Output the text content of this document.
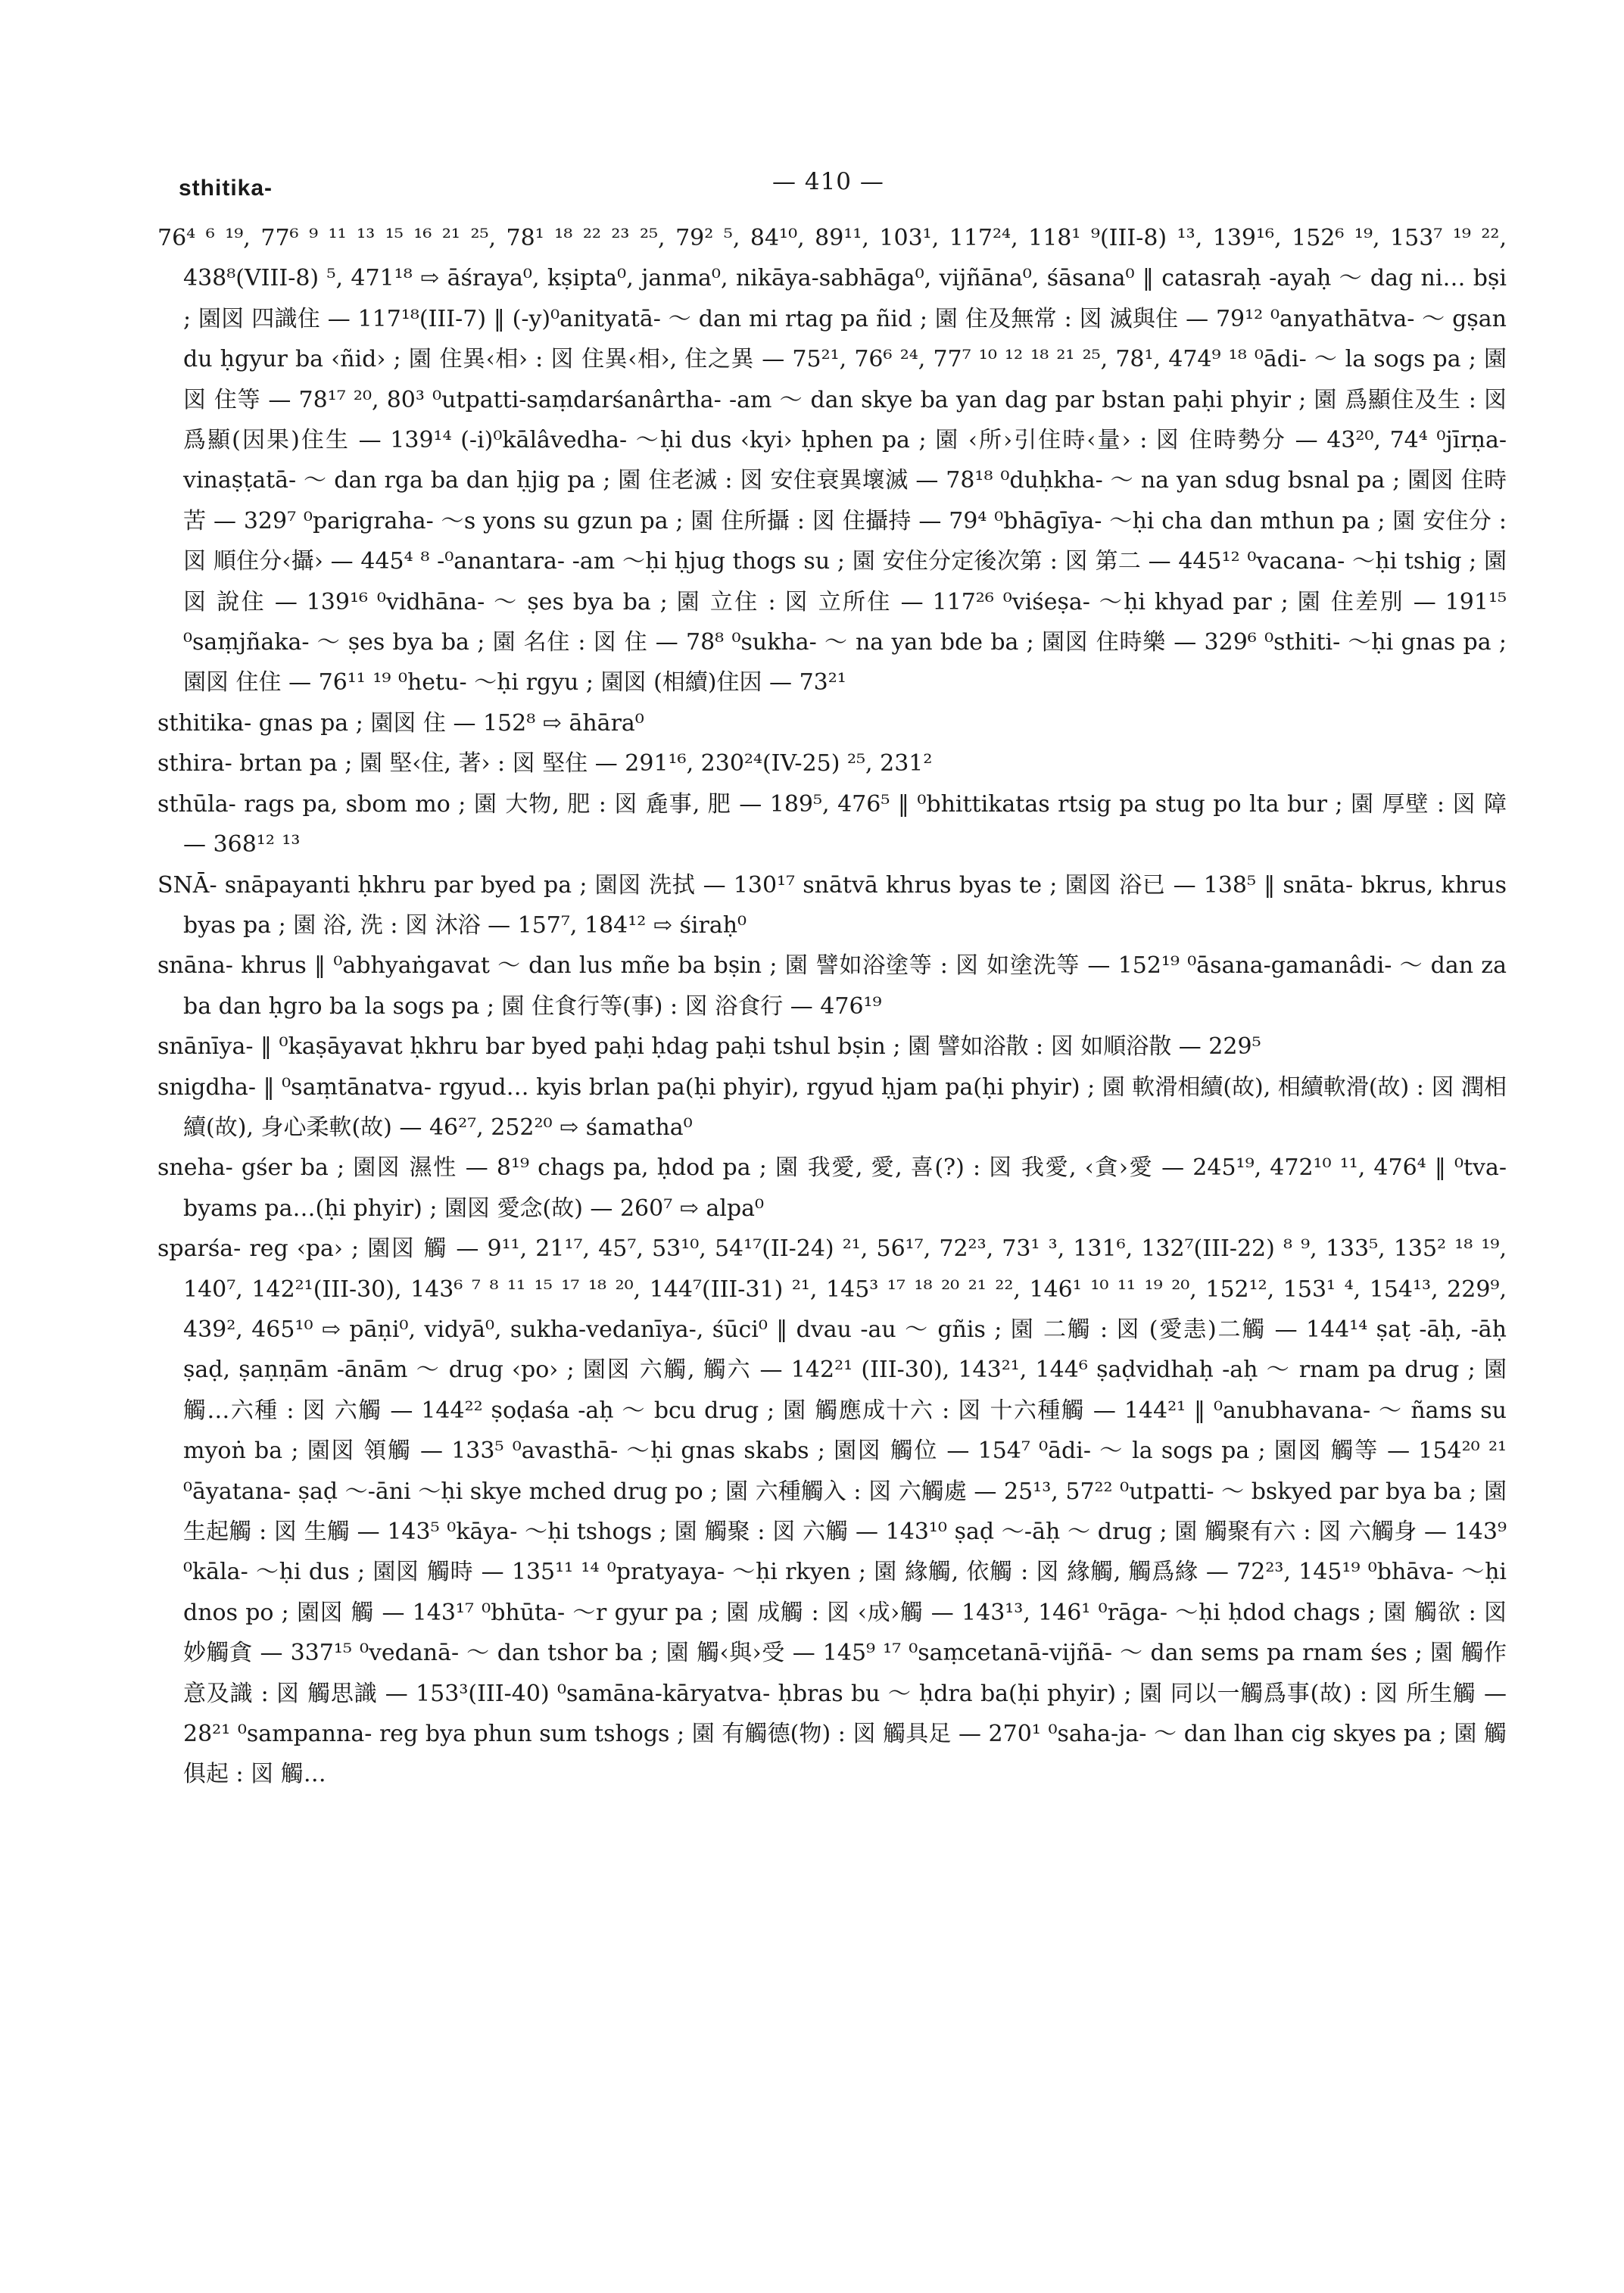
sthitika-	— 410 —

76⁴ ⁶ ¹⁹, 77⁶ ⁹ ¹¹ ¹³ ¹⁵ ¹⁶ ²¹ ²⁵, 78¹ ¹⁸ ²² ²³ ²⁵, 79² ⁵, 84¹⁰, 89¹¹, 103¹, 117²⁴, 118¹ ⁹(III-8) ¹³, 139¹⁶, 152⁶ ¹⁹, 153⁷ ¹⁹ ²², 438⁸(VIII-8) ⁵, 471¹⁸ ⇨ āśraya⁰, kṣipta⁰, janma⁰, nikāya-sabhāga⁰, vijñāna⁰, śāsana⁰ ‖ catasraḥ -ayaḥ ～ dag ni… bṣi ; 園図 四識住 — 117¹⁸(III-7) ‖ (-y)⁰anityatā- ～ dan mi rtag pa ñid ; 園 住及無常 : 図 滅與住 — 79¹² ⁰anyathātva- ～ gṣan du ḥgyur ba ‹ñid› ; 園 住異‹相› : 図 住異‹相›, 住之異 — 75²¹, 76⁶ ²⁴, 77⁷ ¹⁰ ¹² ¹⁸ ²¹ ²⁵, 78¹, 474⁹ ¹⁸ ⁰ādi- ～ la sogs pa ; 園図 住等 — 78¹⁷ ²⁰, 80³ ⁰utpatti-saṃdarśanârtha- -am ～ dan skye ba yan dag par bstan paḥi phyir ; 園 爲顯住及生 : 図 爲顯(因果)住生 — 139¹⁴ (-i)⁰kālâvedha- ～ḥi dus ‹kyi› ḥphen pa ; 園 ‹所›引住時‹量› : 図 住時勢分 — 43²⁰, 74⁴ ⁰jīrṇa-vinaṣṭatā- ～ dan rga ba dan ḥjig pa ; 園 住老滅 : 図 安住衰異壞滅 — 78¹⁸ ⁰duḥkha- ～ na yan sdug bsnal pa ; 園図 住時苦 — 329⁷ ⁰parigraha- ～s yons su gzun pa ; 園 住所攝 : 図 住攝持 — 79⁴ ⁰bhāgīya- ～ḥi cha dan mthun pa ; 園 安住分 : 図 順住分‹攝› — 445⁴ ⁸ -⁰anantara- -am ～ḥi ḥjug thogs su ; 園 安住分定後次第 : 図 第二 — 445¹² ⁰vacana- ～ḥi tshig ; 園図 說住 — 139¹⁶ ⁰vidhāna- ～ ṣes bya ba ; 園 立住 : 図 立所住 — 117²⁶ ⁰viśeṣa- ～ḥi khyad par ; 園 住差別 — 191¹⁵ ⁰saṃjñaka- ～ ṣes bya ba ; 園 名住 : 図 住 — 78⁸ ⁰sukha- ～ na yan bde ba ; 園図 住時樂 — 329⁶ ⁰sthiti- ～ḥi gnas pa ; 園図 住住 — 76¹¹ ¹⁹ ⁰hetu- ～ḥi rgyu ; 園図 (相續)住因 — 73²¹

sthitika- gnas pa ; 園図 住 — 152⁸ ⇨ āhāra⁰

sthira- brtan pa ; 園 堅‹住, 著› : 図 堅住 — 291¹⁶, 230²⁴(IV-25) ²⁵, 231²

sthūla- rags pa, sbom mo ; 園 大物, 肥 : 図 麁事, 肥 — 189⁵, 476⁵ ‖ ⁰bhittikatas rtsig pa stug po lta bur ; 園 厚壁 : 図 障 — 368¹² ¹³

SNĀ- snāpayanti ḥkhru par byed pa ; 園図 洗拭 — 130¹⁷ snātvā khrus byas te ; 園図 浴已 — 138⁵ ‖ snāta- bkrus, khrus byas pa ; 園 浴, 洗 : 図 沐浴 — 157⁷, 184¹² ⇨ śiraḥ⁰

snāna- khrus ‖ ⁰abhyaṅgavat ～ dan lus mñe ba bṣin ; 園 譬如浴塗等 : 図 如塗洗等 — 152¹⁹ ⁰āsana-gamanâdi- ～ dan za ba dan ḥgro ba la sogs pa ; 園 住食行等(事) : 図 浴食行 — 476¹⁹

snānīya- ‖ ⁰kaṣāyavat ḥkhru bar byed paḥi ḥdag paḥi tshul bṣin ; 園 譬如浴散 : 図 如順浴散 — 229⁵

snigdha- ‖ ⁰saṃtānatva- rgyud… kyis brlan pa(ḥi phyir), rgyud ḥjam pa(ḥi phyir) ; 園 軟滑相續(故), 相續軟滑(故) : 図 潤相續(故), 身心柔軟(故) — 46²⁷, 252²⁰ ⇨ śamatha⁰

sneha- gśer ba ; 園図 濕性 — 8¹⁹ chags pa, ḥdod pa ; 園 我愛, 愛, 喜(?) : 図 我愛, ‹貪›愛 — 245¹⁹, 472¹⁰ ¹¹, 476⁴ ‖ ⁰tva- byams pa…(ḥi phyir) ; 園図 愛念(故) — 260⁷ ⇨ alpa⁰

sparśa- reg ‹pa› ; 園図 觸 — 9¹¹, 21¹⁷, 45⁷, 53¹⁰, 54¹⁷(II-24) ²¹, 56¹⁷, 72²³, 73¹ ³, 131⁶, 132⁷(III-22) ⁸ ⁹, 133⁵, 135² ¹⁸ ¹⁹, 140⁷, 142²¹(III-30), 143⁶ ⁷ ⁸ ¹¹ ¹⁵ ¹⁷ ¹⁸ ²⁰, 144⁷(III-31) ²¹, 145³ ¹⁷ ¹⁸ ²⁰ ²¹ ²², 146¹ ¹⁰ ¹¹ ¹⁹ ²⁰, 152¹², 153¹ ⁴, 154¹³, 229⁹, 439², 465¹⁰ ⇨ pāṇi⁰, vidyā⁰, sukha-vedanīya-, śūci⁰ ‖ dvau -au ～ gñis ; 園 二觸 : 図 (愛恚)二觸 — 144¹⁴ ṣaṭ -āḥ, -āḥ ṣaḍ, ṣaṇṇām -ānām ～ drug ‹po› ; 園図 六觸, 觸六 — 142²¹ (III-30), 143²¹, 144⁶ ṣaḍvidhaḥ -aḥ ～ rnam pa drug ; 園 觸…六種 : 図 六觸 — 144²² ṣoḍaśa -aḥ ～ bcu drug ; 園 觸應成十六 : 図 十六種觸 — 144²¹ ‖ ⁰anubhavana- ～ ñams su myoṅ ba ; 園図 領觸 — 133⁵ ⁰avasthā- ～ḥi gnas skabs ; 園図 觸位 — 154⁷ ⁰ādi- ～ la sogs pa ; 園図 觸等 — 154²⁰ ²¹ ⁰āyatana- ṣaḍ ～-āni ～ḥi skye mched drug po ; 園 六種觸入 : 図 六觸處 — 25¹³, 57²² ⁰utpatti- ～ bskyed par bya ba ; 園 生起觸 : 図 生觸 — 143⁵ ⁰kāya- ～ḥi tshogs ; 園 觸聚 : 図 六觸 — 143¹⁰ ṣaḍ ～-āḥ ～ drug ; 園 觸聚有六 : 図 六觸身 — 143⁹ ⁰kāla- ～ḥi dus ; 園図 觸時 — 135¹¹ ¹⁴ ⁰pratyaya- ～ḥi rkyen ; 園 緣觸, 依觸 : 図 緣觸, 觸爲緣 — 72²³, 145¹⁹ ⁰bhāva- ～ḥi dnos po ; 園図 觸 — 143¹⁷ ⁰bhūta- ～r gyur pa ; 園 成觸 : 図 ‹成›觸 — 143¹³, 146¹ ⁰rāga- ～ḥi ḥdod chags ; 園 觸欲 : 図 妙觸貪 — 337¹⁵ ⁰vedanā- ～ dan tshor ba ; 園 觸‹與›受 — 145⁹ ¹⁷ ⁰saṃcetanā-vijñā- ～ dan sems pa rnam śes ; 園 觸作意及識 : 図 觸思識 — 153³(III-40) ⁰samāna-kāryatva- ḥbras bu ～ ḥdra ba(ḥi phyir) ; 園 同以一觸爲事(故) : 図 所生觸 — 28²¹ ⁰sampanna- reg bya phun sum tshogs ; 園 有觸德(物) : 図 觸具足 — 270¹ ⁰saha-ja- ～ dan lhan cig skyes pa ; 園 觸俱起 : 図 觸…
